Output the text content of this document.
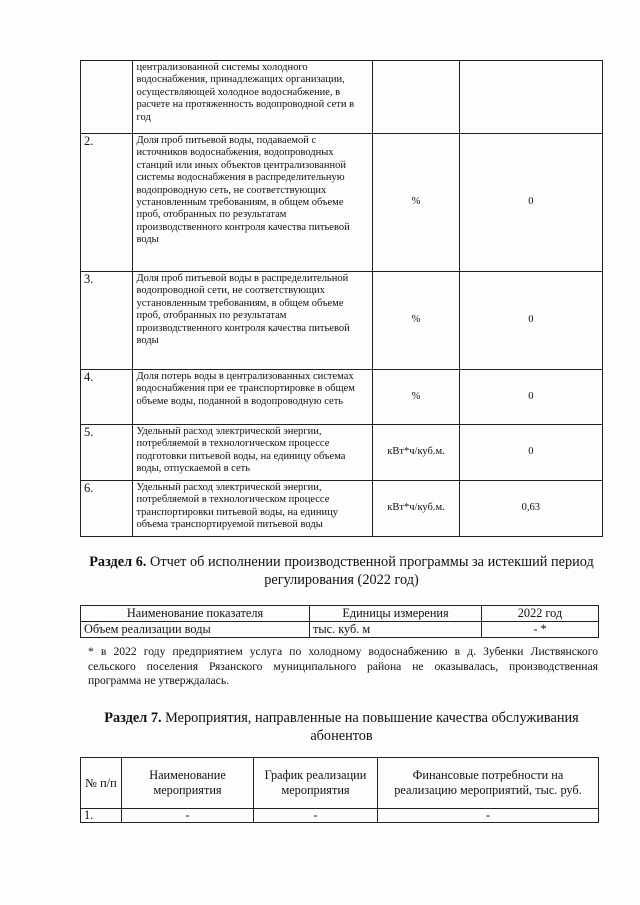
	централизованной системы холодного водоснабжения, принадлежащих организации, осуществляющей холодное водоснабжение, в расчете на протяженность водопроводной сети в год		
2.	Доля проб питьевой воды, подаваемой с источников водоснабжения, водопроводных станций или иных объектов централизованной системы водоснабжения в распределительную водопроводную сеть, не соответствующих установленным требованиям, в общем объеме проб, отобранных по результатам производственного контроля качества питьевой воды	%	0
3.	Доля проб питьевой воды в распределительной водопроводной сети, не соответствующих установленным требованиям, в общем объеме проб, отобранных по результатам производственного контроля качества питьевой воды	%	0
4.	Доля потерь воды в централизованных системах водоснабжения при ее транспортировке в общем объеме воды, поданной в водопроводную сеть	%	0
5.	Удельный расход электрической энергии, потребляемой в технологическом процессе подготовки питьевой воды, на единицу объема воды, отпускаемой в сеть	кВт*ч/куб.м.	0
6.	Удельный расход электрической энергии, потребляемой в технологическом процессе транспортировки питьевой воды, на единицу объема транспортируемой питьевой воды	кВт*ч/куб.м.	0,63
Раздел 6. Отчет об исполнении производственной программы за истекший период регулирования (2022 год)
Наименование показателя	Единицы измерения	2022 год
Объем реализации воды	тыс. куб. м	- *
* в 2022 году предприятием услуга по холодному водоснабжению в д. Зубенки Листвянского сельского поселения Рязанского муниципального района не оказывалась, производственная программа не утверждалась.
Раздел 7. Мероприятия, направленные на повышение качества обслуживания абонентов
№ п/п	Наименование мероприятия	График реализации мероприятия	Финансовые потребности на реализацию мероприятий, тыс. руб.
1.	-	-	-
